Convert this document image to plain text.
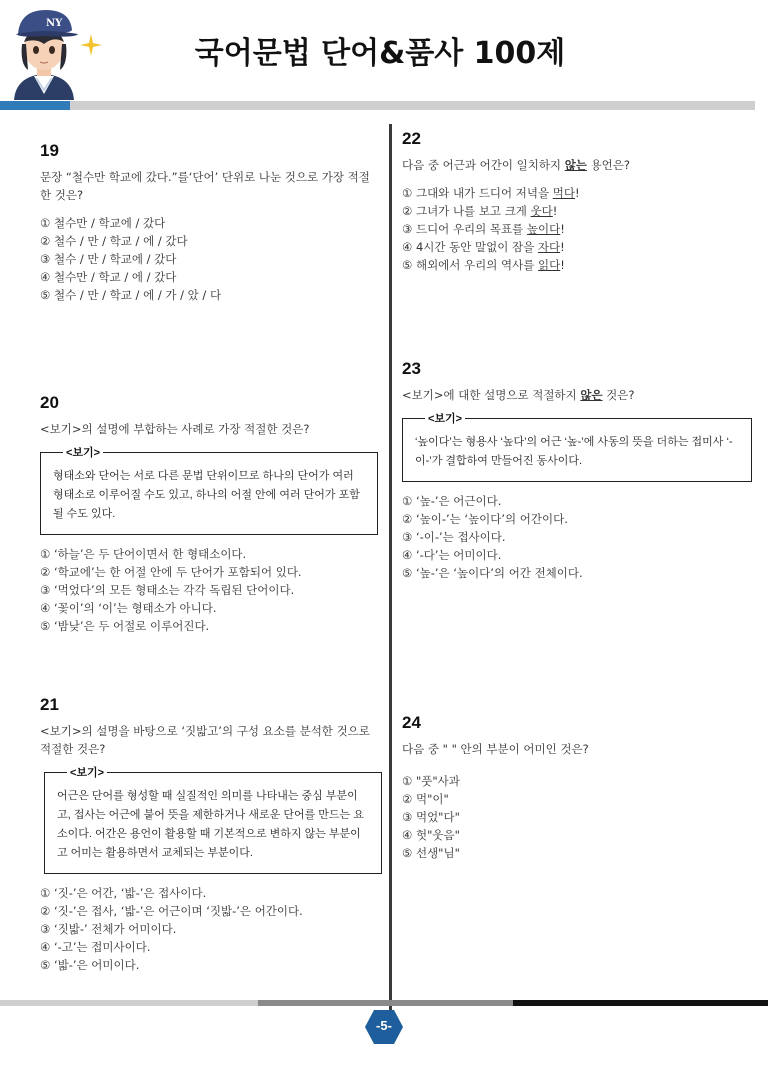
NY
국어문법 단어&품사 100제
19
문장 “철수만 학교에 갔다.”를‘단어’ 단위로 나눈 것으로 가장 적절한 것은?
① 철수만 / 학교에 / 갔다
② 철수 / 만 / 학교 / 에 / 갔다
③ 철수 / 만 / 학교에 / 갔다
④ 철수만 / 학교 / 에 / 갔다
⑤ 철수 / 만 / 학교 / 에 / 가 / 았 / 다
20
<보기>의 설명에 부합하는 사례로 가장 적절한 것은?
<보기>
형태소와 단어는 서로 다른 문법 단위이므로 하나의 단어가 여러 형태소로 이루어질 수도 있고, 하나의 어절 안에 여러 단어가 포함될 수도 있다.
① ‘하늘’은 두 단어이면서 한 형태소이다.
② ‘학교에’는 한 어절 안에 두 단어가 포함되어 있다.
③ ‘먹었다’의 모든 형태소는 각각 독립된 단어이다.
④ ‘꽃이’의 ‘이’는 형태소가 아니다.
⑤ ‘밤낮’은 두 어절로 이루어진다.
21
<보기>의 설명을 바탕으로 ‘짓밟고’의 구성 요소를 분석한 것으로 적절한 것은?
<보기>
어근은 단어를 형성할 때 실질적인 의미를 나타내는 중심 부분이고, 접사는 어근에 붙어 뜻을 제한하거나 새로운 단어를 만드는 요소이다. 어간은 용언이 활용할 때 기본적으로 변하지 않는 부분이고 어미는 활용하면서 교체되는 부분이다.
① ‘짓-’은 어간, ‘밟-’은 접사이다.
② ‘짓-’은 접사, ‘밟-’은 어근이며 ‘짓밟-’은 어간이다.
③ ‘짓밟-’ 전체가 어미이다.
④ ‘-고’는 접미사이다.
⑤ ‘밟-’은 어미이다.
22
다음 중 어근과 어간이 일치하지 않는 용언은?
① 그대와 내가 드디어 저녁을 먹다!
② 그녀가 나를 보고 크게 웃다!
③ 드디어 우리의 목표를 높이다!
④ 4시간 동안 말없이 잠을 자다!
⑤ 해외에서 우리의 역사를 읽다!
23
<보기>에 대한 설명으로 적절하지 않은 것은?
<보기>
‘높이다’는 형용사 ‘높다’의 어근 ‘높-’에 사동의 뜻을 더하는 접미사 ‘-이-’가 결합하여 만들어진 동사이다.
① ‘높-’은 어근이다.
② ‘높이-’는 ‘높이다’의 어간이다.
③ ‘-이-’는 접사이다.
④ ‘-다’는 어미이다.
⑤ ‘높-’은 ‘높이다’의 어간 전체이다.
24
다음 중 " " 안의 부분이 어미인 것은?
① "풋"사과
② 먹"이"
③ 먹었"다"
④ 헛"웃음"
⑤ 선생"님"
-5-
